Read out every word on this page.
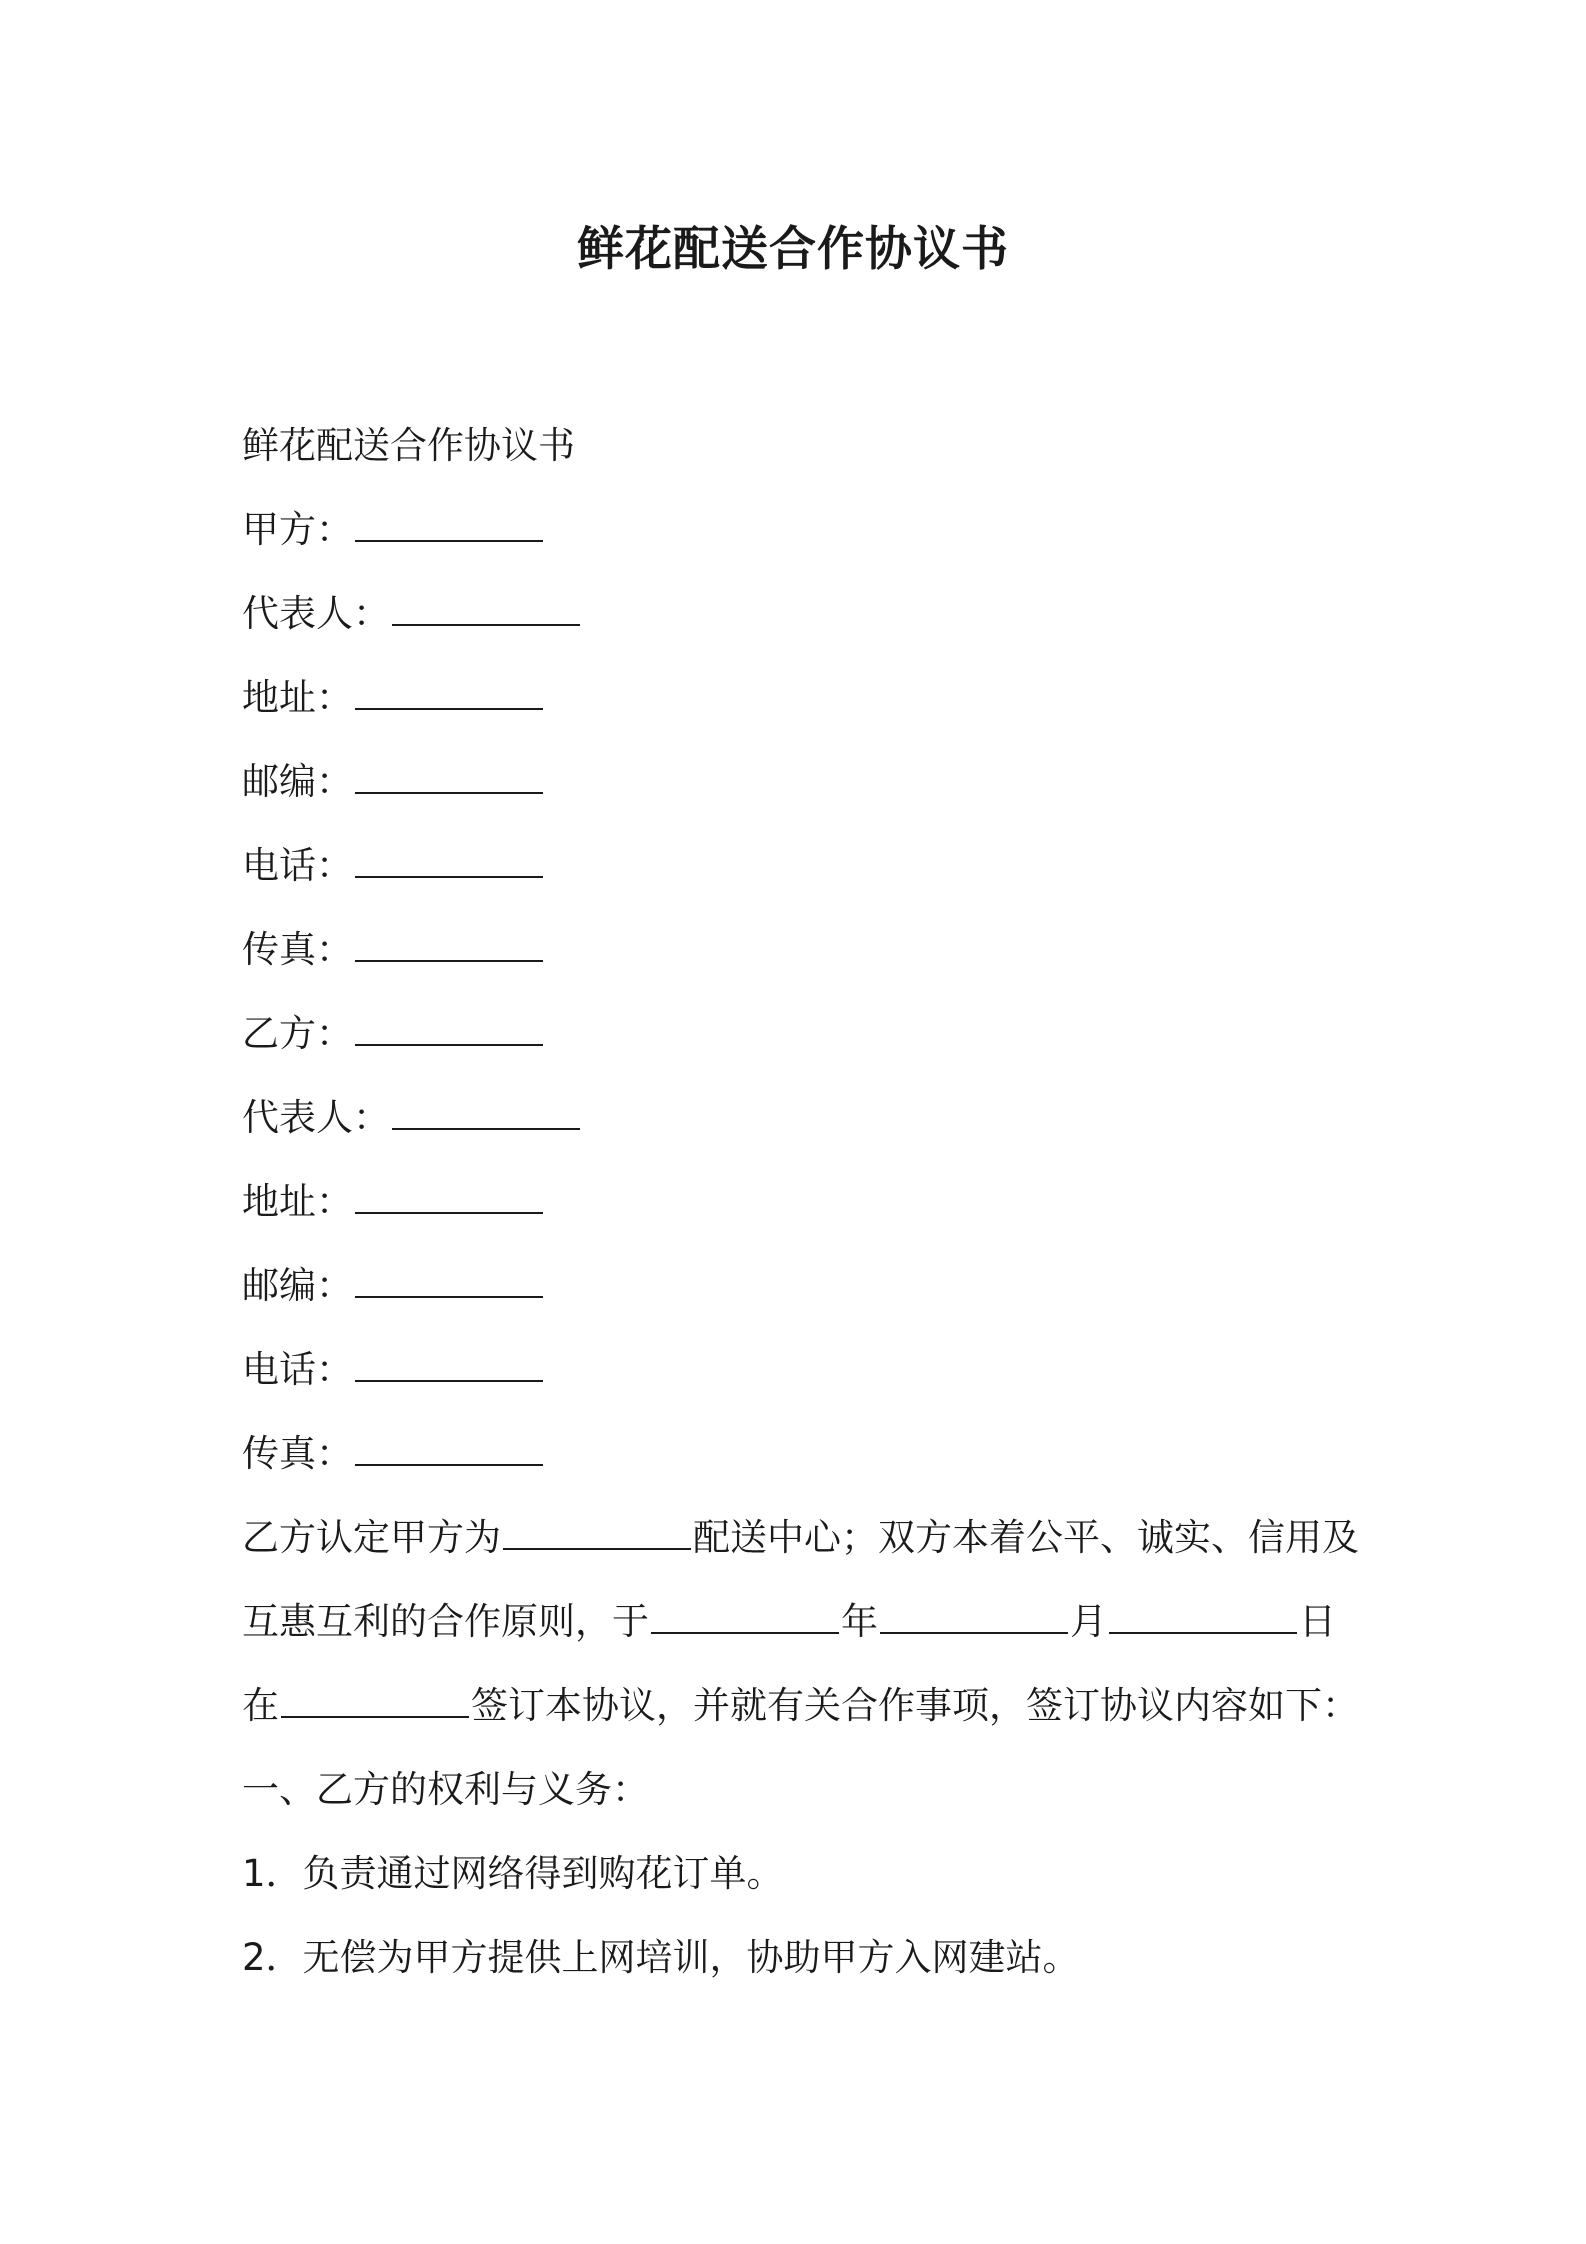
鲜花配送合作协议书
鲜花配送合作协议书
甲方：
代表人：
地址：
邮编：
电话：
传真：
乙方：
代表人：
地址：
邮编：
电话：
传真：
乙方认定甲方为	配送中心；双方本着公平、诚实、信用及
互惠互利的合作原则，于	年	月	日
在	签订本协议，并就有关合作事项，签订协议内容如下：
一、乙方的权利与义务：
1．负责通过网络得到购花订单。
2．无偿为甲方提供上网培训，协助甲方入网建站。
